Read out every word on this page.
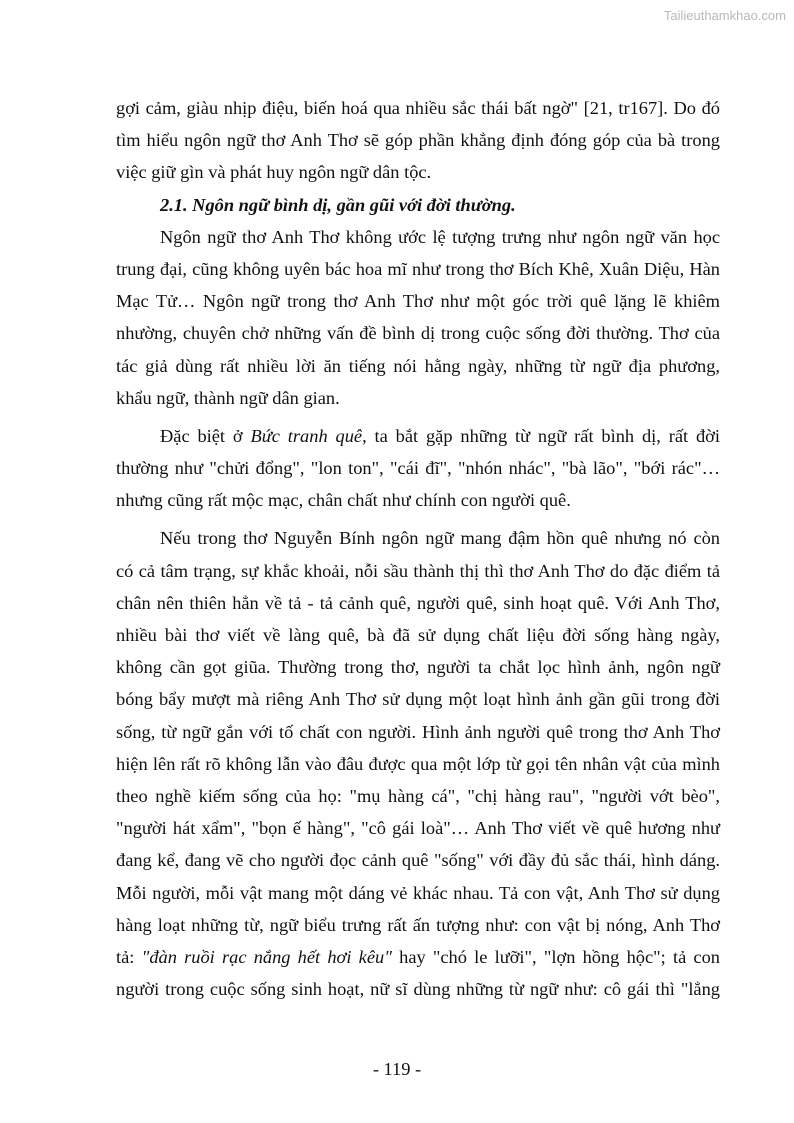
Tailieuthamkhao.com
gợi cảm, giàu nhịp điệu, biến hoá qua nhiều sắc thái bất ngờ" [21, tr167]. Do đó
tìm hiểu ngôn ngữ thơ Anh Thơ sẽ góp phần khẳng định đóng góp của bà trong
việc giữ gìn và phát huy ngôn ngữ dân tộc.
2.1. Ngôn ngữ bình dị, gần gũi với đời thường.
Ngôn ngữ thơ Anh Thơ không ước lệ tượng trưng như ngôn ngữ văn học
trung đại, cũng không uyên bác hoa mĩ như trong thơ Bích Khê, Xuân Diệu, Hàn
Mạc Tử… Ngôn ngữ trong thơ Anh Thơ như một góc trời quê lặng lẽ khiêm
nhường, chuyên chở những vấn đề bình dị trong cuộc sống đời thường. Thơ của
tác giả dùng rất nhiều lời ăn tiếng nói hằng ngày, những từ ngữ địa phương,
khẩu ngữ, thành ngữ dân gian.
Đặc biệt ở Bức tranh quê, ta bắt gặp những từ ngữ rất bình dị, rất đời
thường như "chửi đổng", "lon ton", "cái đĩ", "nhón nhác", "bà lão", "bới rác"…
nhưng cũng rất mộc mạc, chân chất như chính con người quê.
Nếu trong thơ Nguyễn Bính ngôn ngữ mang đậm hồn quê nhưng nó còn
có cả tâm trạng, sự khắc khoải, nỗi sầu thành thị thì thơ Anh Thơ do đặc điểm tả
chân nên thiên hẳn về tả - tả cảnh quê, người quê, sinh hoạt quê. Với Anh Thơ,
nhiều bài thơ viết về làng quê, bà đã sử dụng chất liệu đời sống hàng ngày,
không cần gọt giũa. Thường trong thơ, người ta chắt lọc hình ảnh, ngôn ngữ
bóng bẩy mượt mà riêng Anh Thơ sử dụng một loạt hình ảnh gần gũi trong đời
sống, từ ngữ gắn với tố chất con người. Hình ảnh người quê trong thơ Anh Thơ
hiện lên rất rõ không lẫn vào đâu được qua một lớp từ gọi tên nhân vật của mình
theo nghề kiếm sống của họ: "mụ hàng cá", "chị hàng rau", "người vớt bèo",
"người hát xẩm", "bọn ế hàng", "cô gái loà"… Anh Thơ viết về quê hương như
đang kể, đang vẽ cho người đọc cảnh quê "sống" với đầy đủ sắc thái, hình dáng.
Mỗi người, mỗi vật mang một dáng vẻ khác nhau. Tả con vật, Anh Thơ sử dụng
hàng loạt những từ, ngữ biểu trưng rất ấn tượng như: con vật bị nóng, Anh Thơ
tả: "đàn ruồi rạc nắng hết hơi kêu" hay "chó le lưỡi", "lợn hồng hộc"; tả con
người trong cuộc sống sinh hoạt, nữ sĩ dùng những từ ngữ như: cô gái thì "lẳng
- 119 -
